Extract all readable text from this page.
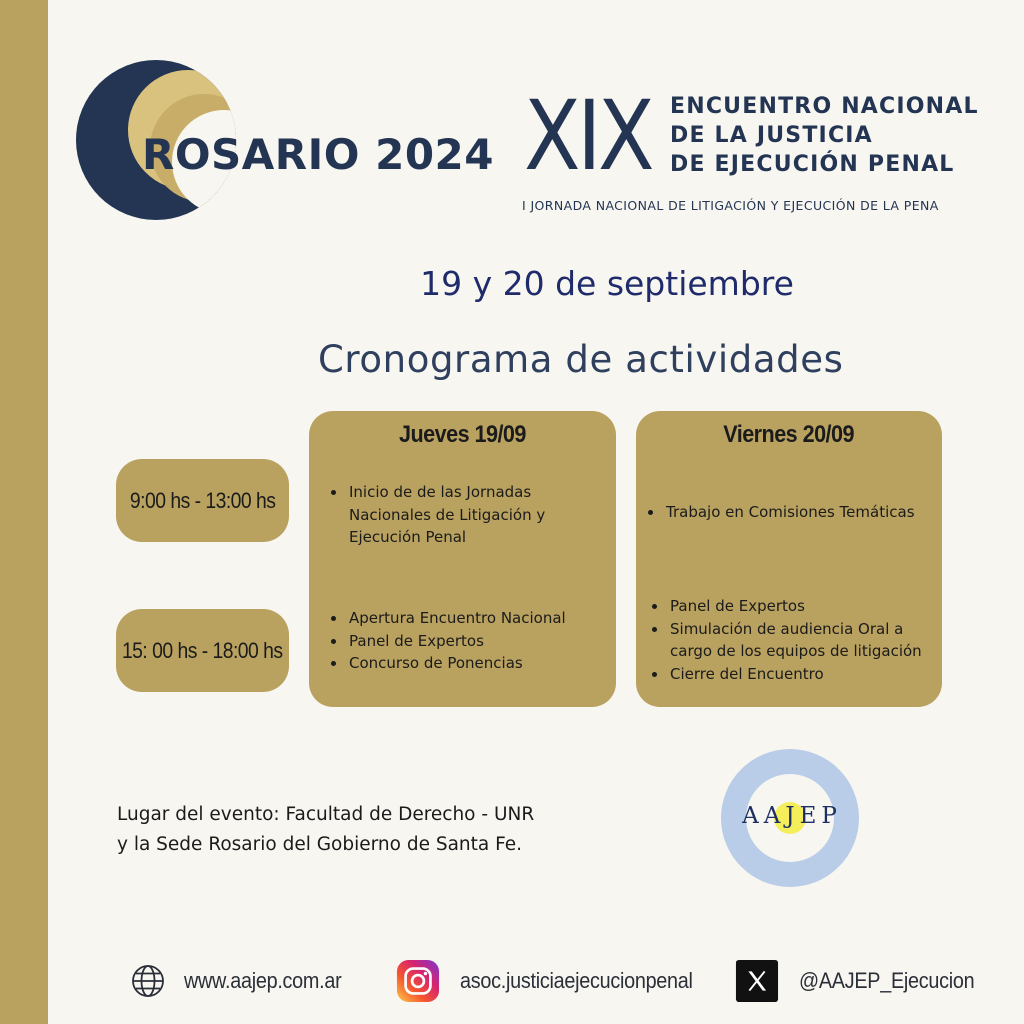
ROSARIO 2024 XIX ENCUENTRO NACIONAL
DE LA JUSTICIA
DE EJECUCIÓN PENAL
I JORNADA NACIONAL DE LITIGACIÓN Y EJECUCIÓN DE LA PENA
19 y 20 de septiembre
Cronograma de actividades
9:00 hs - 13:00 hs
15: 00 hs - 18:00 hs
Jueves 19/09
Inicio de de las Jornadas Nacionales de Litigación y Ejecución Penal
Apertura Encuentro Nacional
Panel de Expertos
Concurso de Ponencias
Viernes 20/09
Trabajo en Comisiones Temáticas
Panel de Expertos
Simulación de audiencia Oral a cargo de los equipos de litigación
Cierre del Encuentro
Lugar del evento: Facultad de Derecho - UNR
y la Sede Rosario del Gobierno de Santa Fe.
AAJEP
www.aajep.com.ar	asoc.justiciaejecucionpenal	@AAJEP_Ejecucion
